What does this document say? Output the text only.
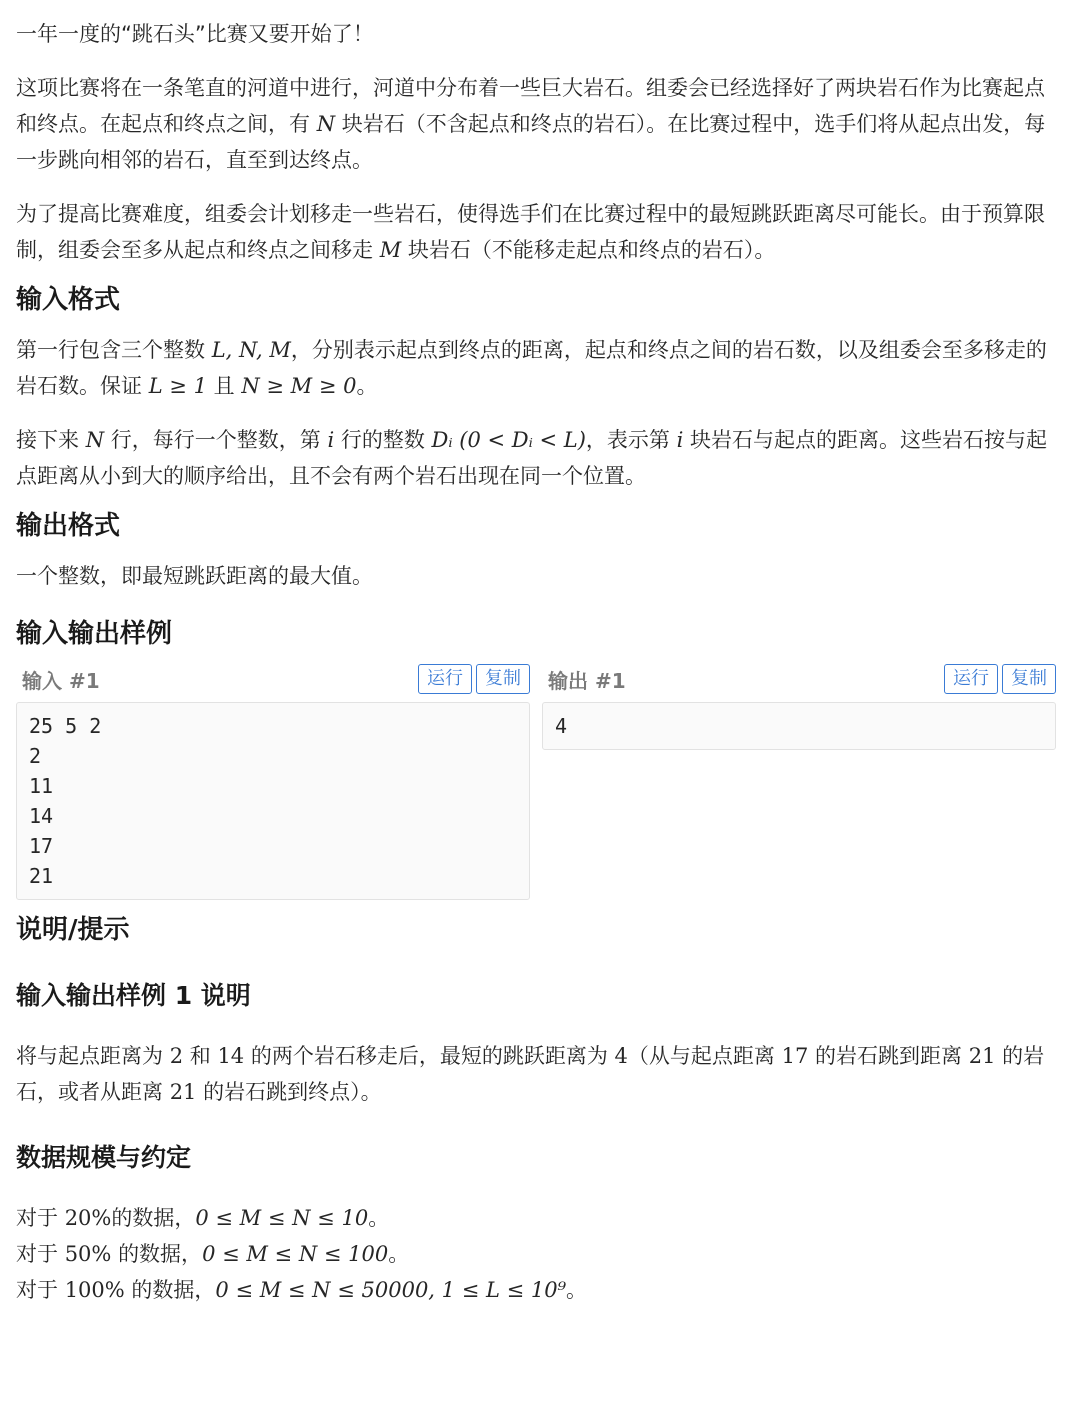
一年一度的“跳石头”比赛又要开始了！

这项比赛将在一条笔直的河道中进行，河道中分布着一些巨大岩石。组委会已经选择好了两块岩石作为比赛起点和终点。在起点和终点之间，有 N 块岩石（不含起点和终点的岩石）。在比赛过程中，选手们将从起点出发，每一步跳向相邻的岩石，直至到达终点。

为了提高比赛难度，组委会计划移走一些岩石，使得选手们在比赛过程中的最短跳跃距离尽可能长。由于预算限制，组委会至多从起点和终点之间移走 M 块岩石（不能移走起点和终点的岩石）。

输入格式

第一行包含三个整数 L, N, M，分别表示起点到终点的距离，起点和终点之间的岩石数，以及组委会至多移走的岩石数。保证 L ≥ 1 且 N ≥ M ≥ 0。

接下来 N 行，每行一个整数，第 i 行的整数 Dᵢ (0 < Dᵢ < L)，表示第 i 块岩石与起点的距离。这些岩石按与起点距离从小到大的顺序给出，且不会有两个岩石出现在同一个位置。

输出格式

一个整数，即最短跳跃距离的最大值。

输入输出样例
输入 #1	运行	复制
25 5 2
2
11
14
17
21
输出 #1	运行	复制
4
说明/提示
输入输出样例 1 说明

将与起点距离为 2 和 14 的两个岩石移走后，最短的跳跃距离为 4（从与起点距离 17 的岩石跳到距离 21 的岩石，或者从距离 21 的岩石跳到终点）。

数据规模与约定

对于 20%的数据，0 ≤ M ≤ N ≤ 10。

对于 50% 的数据，0 ≤ M ≤ N ≤ 100。

对于 100% 的数据，0 ≤ M ≤ N ≤ 50000, 1 ≤ L ≤ 10⁹。
